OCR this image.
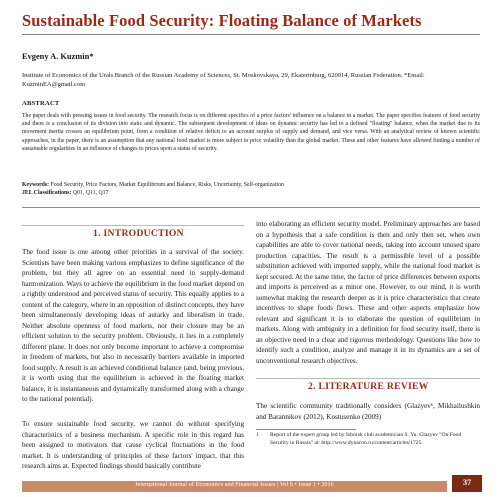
Sustainable Food Security: Floating Balance of Markets
Evgeny A. Kuzmin*
Institute of Economics of the Urals Branch of the Russian Academy of Sciences, St. Moskovskaya, 29, Ekaterinburg, 620014, Russian Federation. *Email: KuzminEA@gmail.com
ABSTRACT
The paper deals with pressing issues in food security. The research focus is on different specifics of a price factors' influence on a balance in a market. The paper specifies features of food security and there is a conclusion of its division into static and dynamic. The subsequent development of ideas on dynamic security has led to a defined "floating" balance, when the market due to its movement inertia crosses an equilibrium point, from a condition of relative deficit to an account surplus of supply and demand, and vice versa. With an analytical review of known scientific approaches, in the paper, there is an assumption that any national food market is more subject to price volatility than the global market. These and other features have allowed finding a number of sustainable regularities in an influence of changes to prices upon a status of security.
Keywords: Food Security, Price Factors, Market Equilibrium and Balance, Risks, Uncertainty, Self-organization
JEL Classifications: Q01, Q11, Q17
1. INTRODUCTION
The food issue is one among other priorities in a survival of the society. Scientists have been making various emphasizes to define significance of the problem, but they all agree on an essential need in supply-demand harmonization. Ways to achieve the equilibrium in the food market depend on a rightly understood and perceived status of security. This equally applies to a content of the category, where in an opposition of distinct concepts, they have been simultaneously developing ideas of autarky and liberalism in trade. Neither absolute openness of food markets, nor their closure may be an efficient solution to the security problem. Obviously, it lies in a completely different plane. It does not only become important to achieve a compromise in freedom of markets, but also in necessarily barriers available in imported food supply. A result is an achieved conditional balance (and, being previous, it is worth using that the equilibrium is achieved in the floating market balance, it is instantaneous and dynamically transformed along with a change to the national potential).
To ensure sustainable food security, we cannot do without specifying characteristics of a business mechanism. A specific role in this regard has been assigned to motivators that cause cyclical fluctuations in the food market. It is understanding of principles of these factors' impact, that this research aims at. Expected findings should basically contribute
into elaborating an efficient security model. Preliminary approaches are based on a hypothesis that a safe condition is then and only then set, when own capabilities are able to cover national needs, taking into account unused spare production capacities. The result is a permissible level of a possible substitution achieved with imported supply, while the national food market is kept secured. At the same time, the factor of price differences between exports and imports is perceived as a minor one. However, to our mind, it is worth somewhat making the research deeper as it is price characteristics that create incentives to shape foods flows. These and other aspects emphasize how relevant and significant it is to elaborate the question of equilibrium in markets. Along with ambiguity in a definition for food security itself, there is an objective need in a clear and rigorous methodology. Questions like how to identify such a condition, analyze and manage it in its dynamics are a set of unconventional research objectives.
2. LITERATURE REVIEW
The scientific community traditionally considers (Glazyev¹, Mikhailushkin and Barannikov (2012), Kostusenko (2009)
1 Report of the expert group led by Izborsk club academician S. Yu. Glazyev "On Food Security in Russia" at: http://www.dynacon.ru/content/articles/1725.
International Journal of Economics and Financial Issues | Vol 6 • Issue 1 • 2016	37
